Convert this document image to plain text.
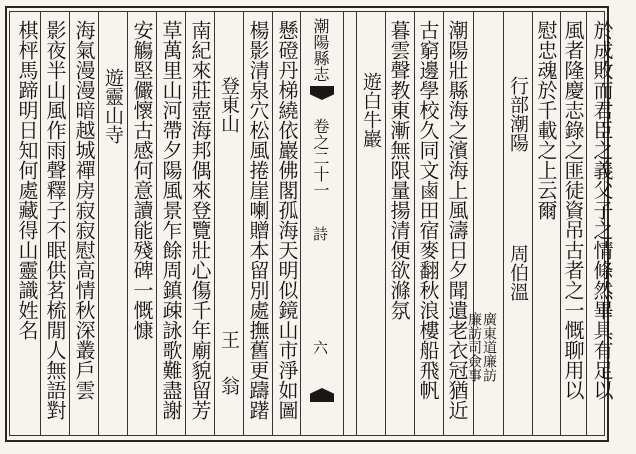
潮陽縣志
卷之二十一
詩
六	於成敗而君臣之義父子之情條然畢具有足以
風者隆慶志錄之匪徒資吊古者之一慨聊用以
慰忠魂於千載之上云爾
行部潮陽
周伯溫
廣東道廉訪
廉訪司僉事
潮陽壯縣海之濱海上風濤日夕聞遺老衣冠猶近
古窮邊學校久同文鹵田宿麥翻秋浪樓船飛帆
暮雲聲教東漸無限量揚清便欲滌氛
遊白牛巖
懸磴丹梯繞依巖佛閣孤海天明似鏡山市淨如圖
楊影清泉穴松風捲崖喇贈本留別處撫舊更躊躇
登東山
王
翁
南紀來莊壺海邦偶來登覽壯心傷千年廟貌留芳
草萬里山河帶夕陽風景乍餘周鎮疎詠歌難盡謝
安觴堅儼懷古感何意讀能殘碑一慨慷
遊靈山寺
海氣漫漫暗越城禪房寂寂慰高情秋深叢戶雲
影夜半山風作雨聲釋子不眠供茗梳閒人無語對
棋枰馬蹄明日知何處藏得山靈識姓名
